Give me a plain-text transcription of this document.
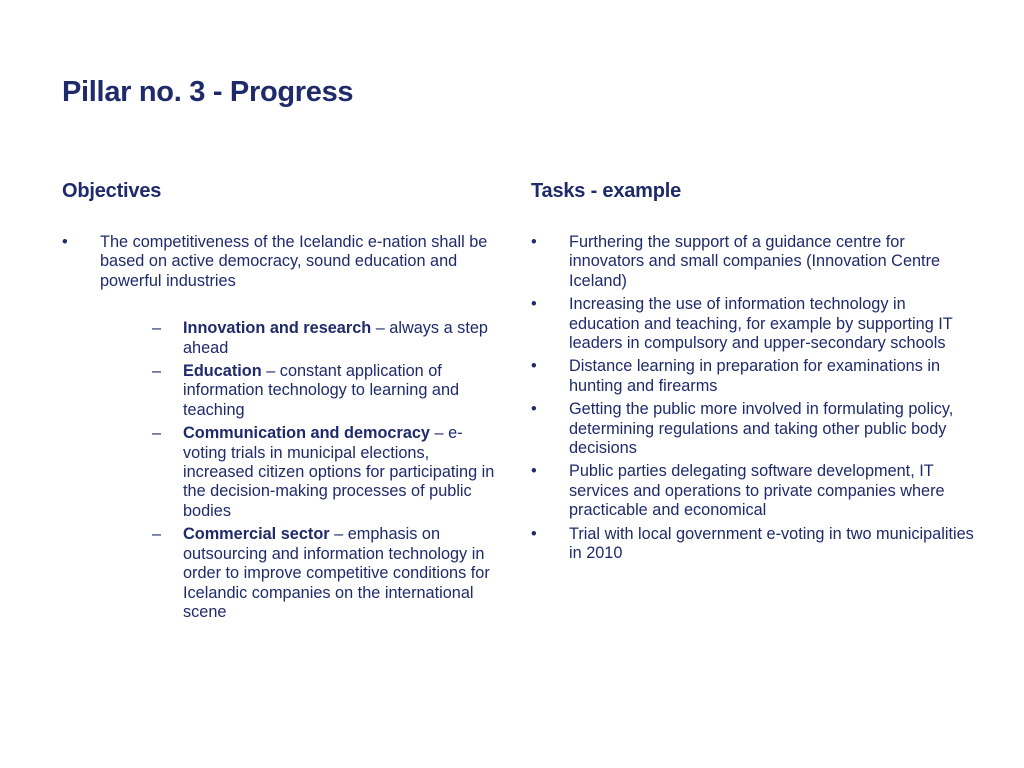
Pillar no. 3 - Progress
Objectives
• The competitiveness of the Icelandic e-nation shall be based on active democracy, sound education and powerful industries
– Innovation and research – always a step ahead
– Education – constant application of information technology to learning and teaching
– Communication and democracy – e-voting trials in municipal elections, increased citizen options for participating in the decision-making processes of public bodies
– Commercial sector – emphasis on outsourcing and information technology in order to improve competitive conditions for Icelandic companies on the international scene
Tasks - example
• Furthering the support of a guidance centre for innovators and small companies (Innovation Centre Iceland)
• Increasing the use of information technology in education and teaching, for example by supporting IT leaders in compulsory and upper-secondary schools
• Distance learning in preparation for examinations in hunting and firearms
• Getting the public more involved in formulating policy, determining regulations and taking other public body decisions
• Public parties delegating software development, IT services and operations to private companies where practicable and economical
• Trial with local government e-voting in two municipalities in 2010
